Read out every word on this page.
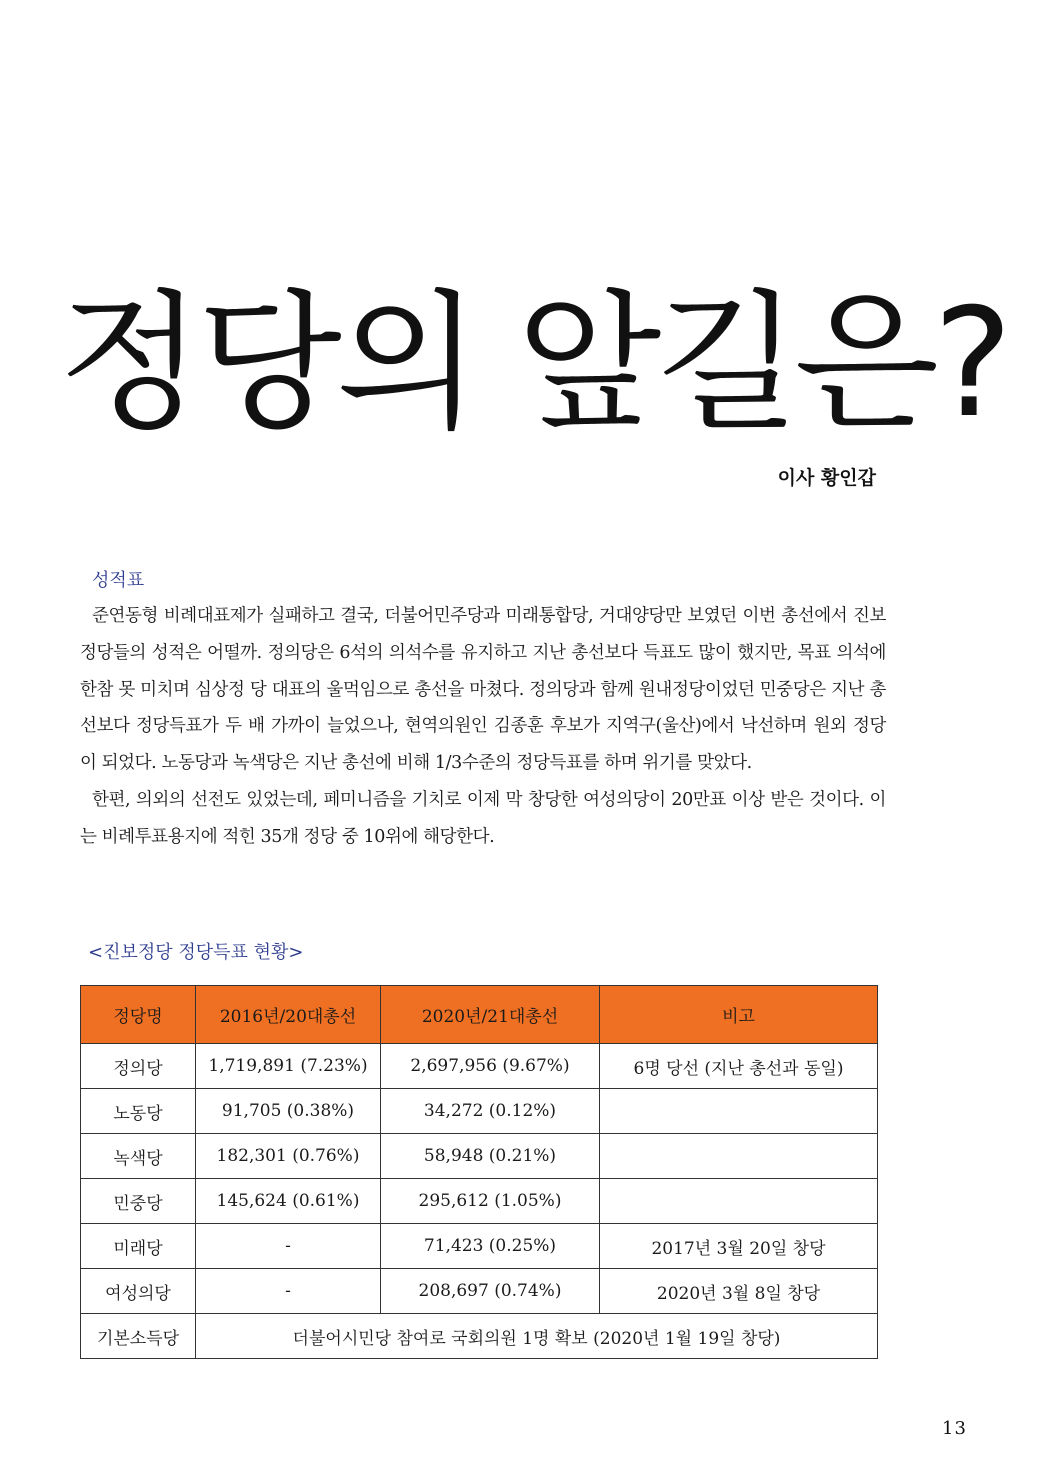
정당의 앞길은?
이사 황인갑
성적표

준연동형 비례대표제가 실패하고 결국, 더불어민주당과 미래통합당, 거대양당만 보였던 이번 총선에서 진보정당들의 성적은 어떨까. 정의당은 6석의 의석수를 유지하고 지난 총선보다 득표도 많이 했지만, 목표 의석에 한참 못 미치며 심상정 당 대표의 울먹임으로 총선을 마쳤다. 정의당과 함께 원내정당이었던 민중당은 지난 총선보다 정당득표가 두 배 가까이 늘었으나, 현역의원인 김종훈 후보가 지역구(울산)에서 낙선하며 원외 정당이 되었다. 노동당과 녹색당은 지난 총선에 비해 1/3수준의 정당득표를 하며 위기를 맞았다.

한편, 의외의 선전도 있었는데, 페미니즘을 기치로 이제 막 창당한 여성의당이 20만표 이상 받은 것이다. 이는 비례투표용지에 적힌 35개 정당 중 10위에 해당한다.

<진보정당 정당득표 현황>
정당명	2016년/20대총선	2020년/21대총선	비고
정의당	1,719,891 (7.23%)	2,697,956 (9.67%)	6명 당선 (지난 총선과 동일)
노동당	91,705 (0.38%)	34,272 (0.12%)	
녹색당	182,301 (0.76%)	58,948 (0.21%)	
민중당	145,624 (0.61%)	295,612 (1.05%)	
미래당	-	71,423 (0.25%)	2017년 3월 20일 창당
여성의당	-	208,697 (0.74%)	2020년 3월 8일 창당
기본소득당	더불어시민당 참여로 국회의원 1명 확보 (2020년 1월 19일 창당)		
13
